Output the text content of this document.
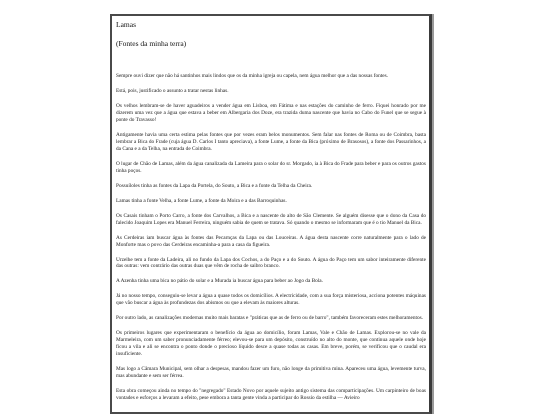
Lamas
(Fontes da minha terra)

Sempre ouvi dizer que não há santinhos mais lindos que os da minha igreja ou capela, nem água melhor que a das nossas fontes.

Está, pois, justificado o assunto a tratar nestas linhas.

Os velhos lembram-se de haver aguadeiros a vender água em Lisboa, em Fátima e nas estações do caminho de ferro. Fiquei honrado por me dizerem uma vez que a água que estava a beber em Albergaria dos Doze, era trazida duma nascente que havia no Cabo do Funel que se segue à ponte do Travasso!

Antigamente havia uma certa estima pelas fontes que por vezes eram belos monumentos. Sem falar nas fontes de Roma ou de Coimbra, basta lembrar a Bica do Frade (cuja água D. Carlos I tanto apreciava), a fonte Lume, a fonte da Bica (próximo de Brasosos), a fonte dos Passarinhos, a da Cana e a da Telha, na entrada de Coimbra.

O lugar de Chão de Lamas, além da água canalizada da Lameira para o solar do sr. Morgado, ia à Bica do Frade para beber e para os outros gastos tinha poços.

Possuíloles tinha as fontes da Lapa da Portela, do Souto, a Bica e a fonte da Telha da Cheira.

Lamas tinha a fonte Velha, a fonte Lume, a fonte da Moira e a das Barroquinhas.

Os Casais tinham o Porto Carro, a fonte dos Carvalhos, a Bica e a nascente do alto de São Clemente. Se alguém disesse que o dono da Casa do falecido Joaquim Lopes era Manuel Ferreira, ninguém sabia de quem se tratava. Só quando o mesmo se informaram que é o tio Manuel da Bica.

As Cerdeiras iam buscar água às fontes das Pecarnças da Lapa ou das Louceiras. A água desta nascente corre naturalmente para o lado de Monforte mas o povo das Cerdeiras encaminha-a para a casa da figueira.

Urzelhe tem a fonte da Ladeira, ali no fundo da Lapa dos Cochos, a do Paço e a do Souto. A água do Paço tem um sabor inteiramente diferente das outras: vem contrário das outras duas que vêm de rocha de saibro branco.

A Azenha tinha uma bica no pátio do solar e a Murada ia buscar água para beber ao Jogo da Bola.

Já no nosso tempo, conseguiu-se levar a água a quase todos os domicílios. A electricidade, com a sua força misteriosa, acciona potentes máquinas que vão buscar a água às profundezas dos abismos ou que a elevam às maiores alturas.

Por outro lado, as canalizações modernas muito mais baratas e "práticas que as de ferro ou de barro", também favoreceram estes melhoramentos.

Os primeiros lugares que experimentaram o benefício da água ao domicílio, foram Lamas, Vale e Chão de Lamas. Explorou-se no vale da Marmeleira, com um saber pronunciadamente férreo; elevou-se para um depósito, construído no alto do monte, que continua aquele onde hoje ficou a vila e ali se encontra o ponto donde o precioso líquido desce a quase todas as casas. Em breve, porém, se verificou que o caudal era insuficiente.

Mas logo a Câmara Municipal, sem olhar a despesas, mandou fazer um furo, não longe da primitiva mina. Apareceu uma água, levemente turva, mas abundante e sem ser férrea.

Esta obra começou ainda no tempo do "negregado" Estado Novo por aquele sujeito antigo sistema das comparticipações. Um carpinteiro de boas vontades e esforços a levaram a efeito, pese embora a tanta gente vinda a participar do Rossio da estilha — Avieiro
